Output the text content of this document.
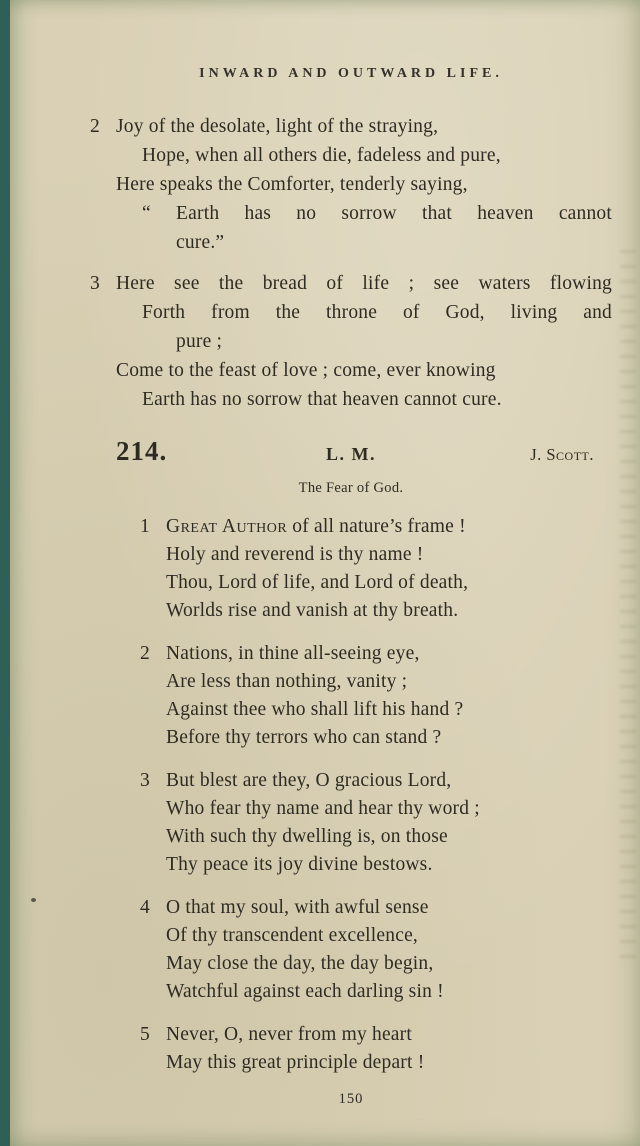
INWARD AND OUTWARD LIFE.
2 Joy of the desolate, light of the straying,
Hope, when all others die, fadeless and pure,
Here speaks the Comforter, tenderly saying,
“ Earth has no sorrow that heaven cannot
cure.”
3 Here see the bread of life ; see waters flowing
Forth from the throne of God, living and
pure ;
Come to the feast of love ; come, ever knowing
Earth has no sorrow that heaven cannot cure.
214.	L. M.	J. Scott.
The Fear of God.
1 Great Author of all nature’s frame !
Holy and reverend is thy name !
Thou, Lord of life, and Lord of death,
Worlds rise and vanish at thy breath.
2 Nations, in thine all-seeing eye,
Are less than nothing, vanity ;
Against thee who shall lift his hand ?
Before thy terrors who can stand ?
3 But blest are they, O gracious Lord,
Who fear thy name and hear thy word ;
With such thy dwelling is, on those
Thy peace its joy divine bestows.
4 O that my soul, with awful sense
Of thy transcendent excellence,
May close the day, the day begin,
Watchful against each darling sin !
5 Never, O, never from my heart
May this great principle depart !
150
